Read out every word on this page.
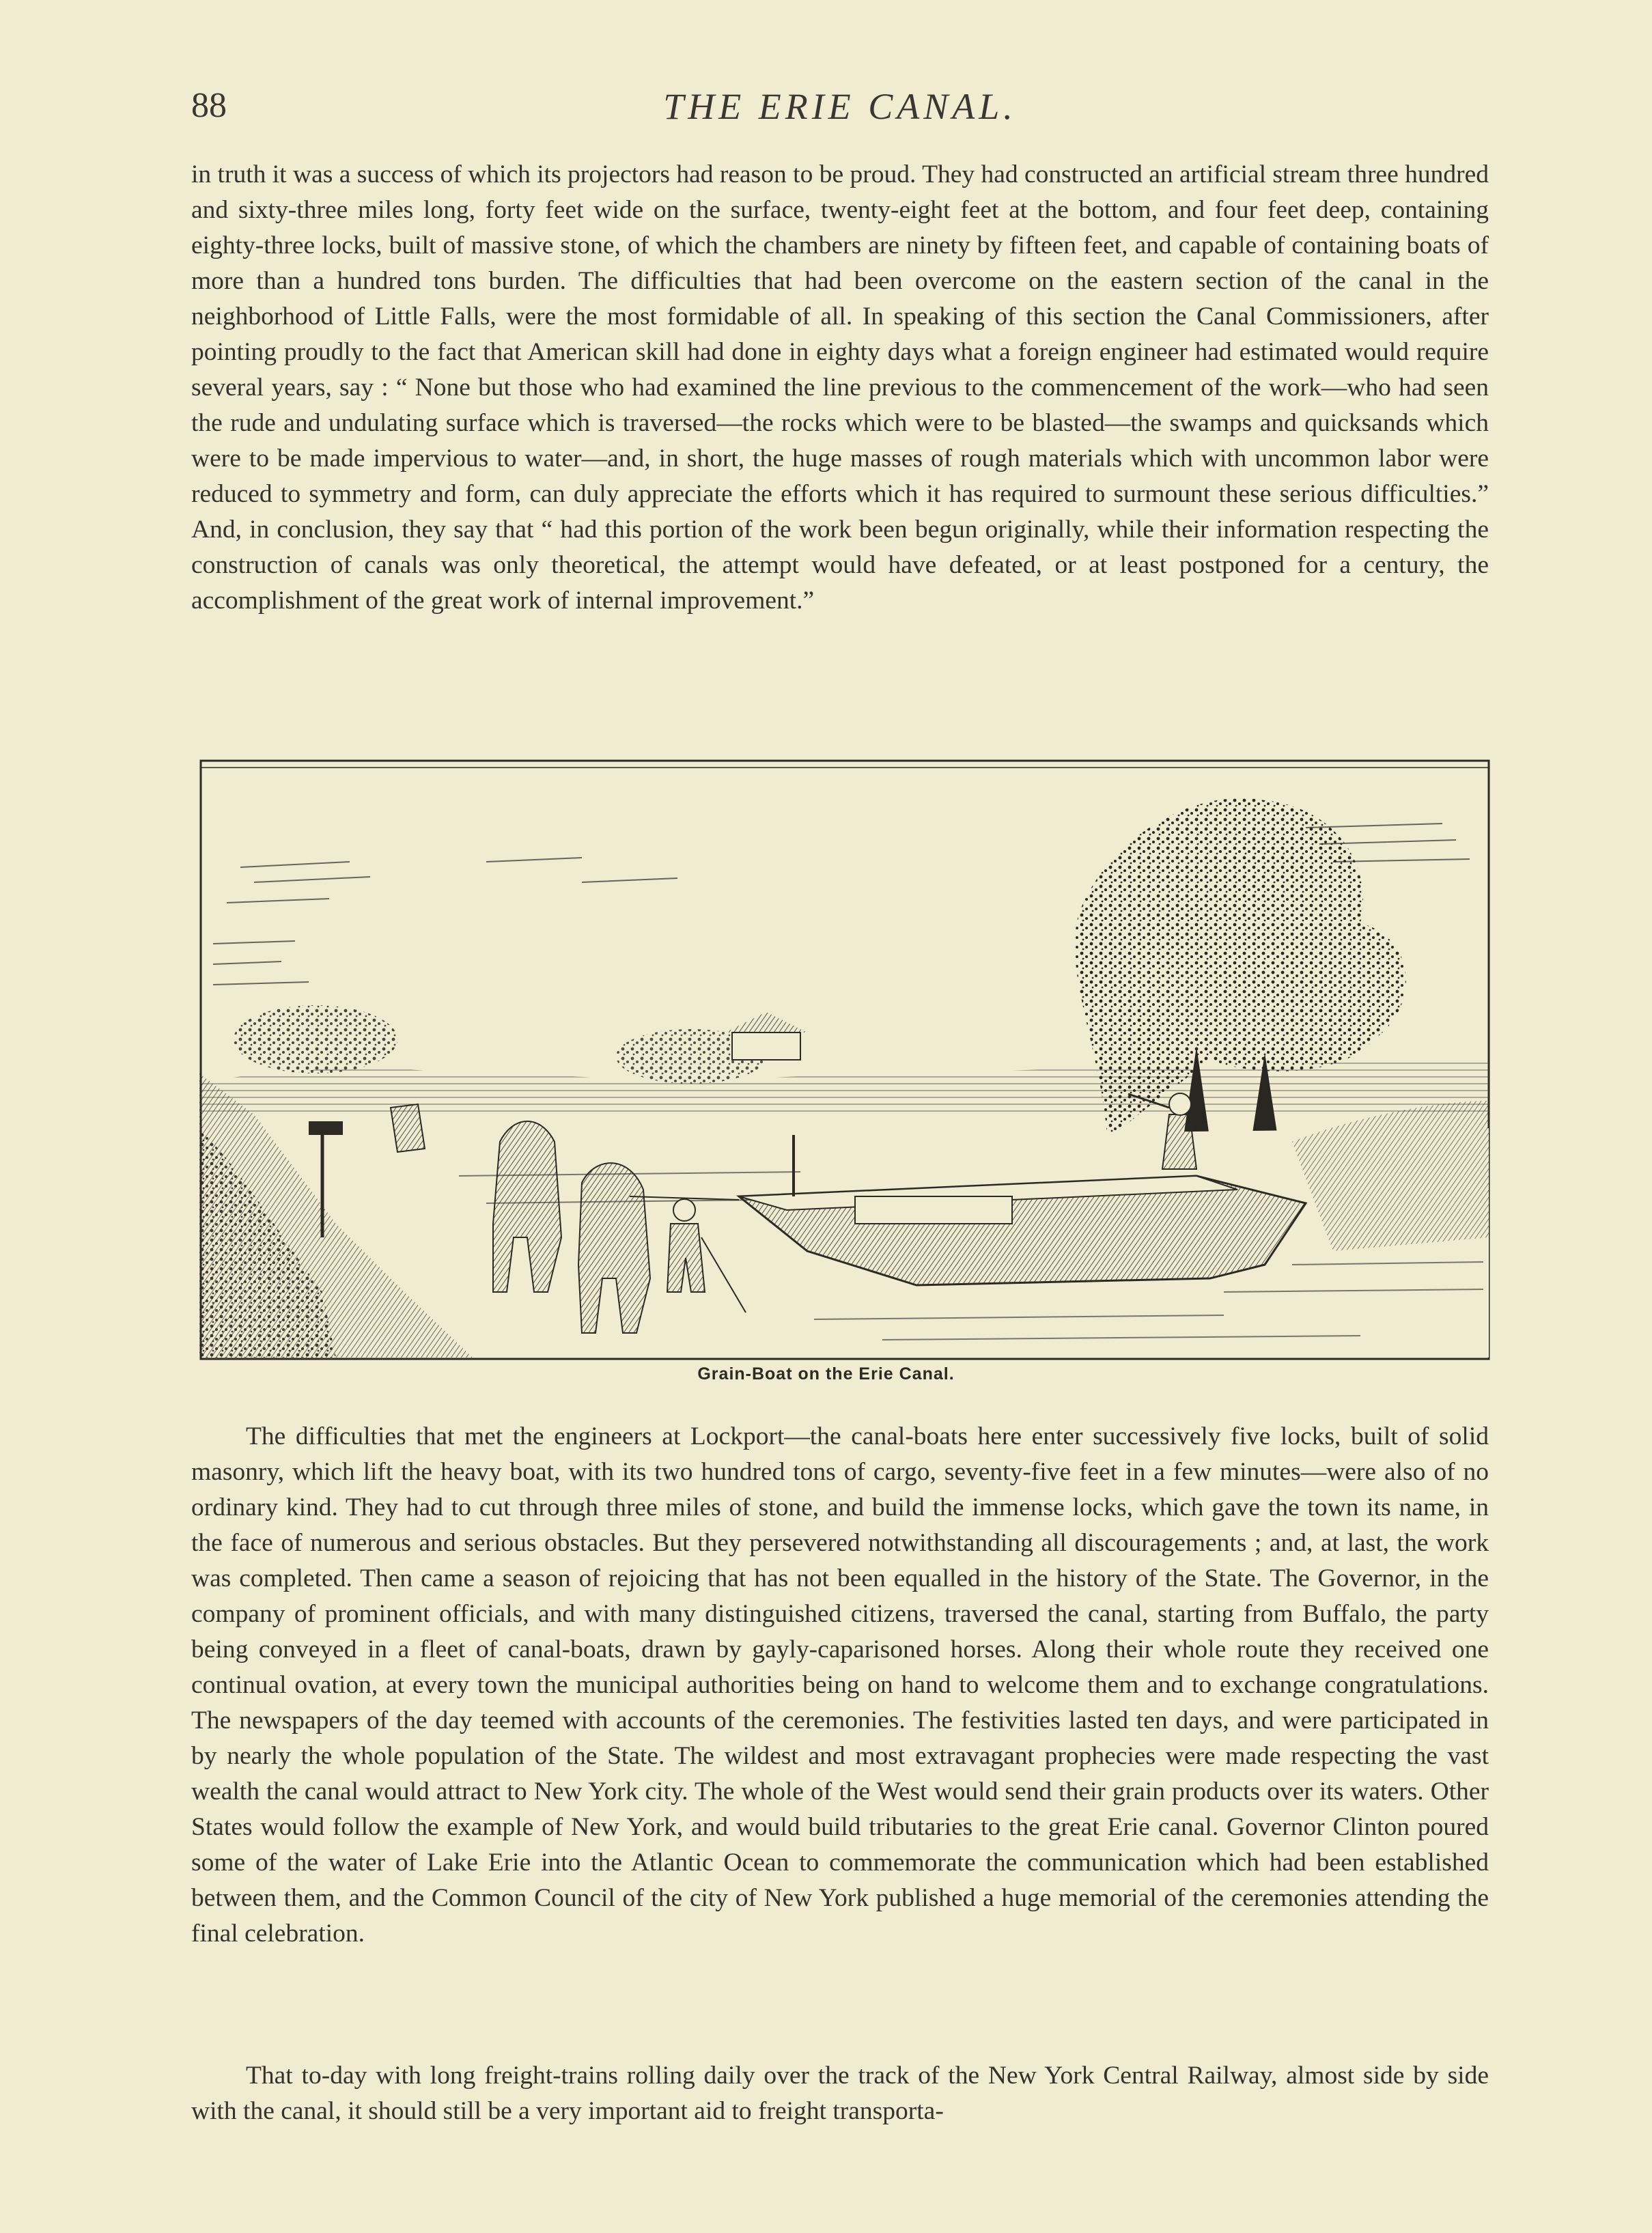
88	THE ERIE CANAL.

in truth it was a success of which its projectors had reason to be proud. They had constructed an artificial stream three hundred and sixty-three miles long, forty feet wide on the surface, twenty-eight feet at the bottom, and four feet deep, containing eighty-three locks, built of massive stone, of which the chambers are ninety by fifteen feet, and capable of containing boats of more than a hundred tons burden. The difficulties that had been overcome on the eastern section of the canal in the neighborhood of Little Falls, were the most formidable of all. In speaking of this section the Canal Commissioners, after pointing proudly to the fact that American skill had done in eighty days what a foreign engineer had estimated would require several years, say : “ None but those who had examined the line previous to the commencement of the work—who had seen the rude and undulating surface which is traversed—the rocks which were to be blasted—the swamps and quicksands which were to be made impervious to water—and, in short, the huge masses of rough materials which with uncommon labor were reduced to symmetry and form, can duly appreciate the efforts which it has required to surmount these serious difficulties.” And, in conclusion, they say that “ had this portion of the work been begun originally, while their information respecting the construction of canals was only theoretical, the attempt would have defeated, or at least postponed for a century, the accomplishment of the great work of internal improvement.”

Grain-Boat on the Erie Canal.

The difficulties that met the engineers at Lockport—the canal-boats here enter successively five locks, built of solid masonry, which lift the heavy boat, with its two hundred tons of cargo, seventy-five feet in a few minutes—were also of no ordinary kind. They had to cut through three miles of stone, and build the immense locks, which gave the town its name, in the face of numerous and serious obstacles. But they persevered notwithstanding all discouragements ; and, at last, the work was completed. Then came a season of rejoicing that has not been equalled in the history of the State. The Governor, in the company of prominent officials, and with many distinguished citizens, traversed the canal, starting from Buffalo, the party being conveyed in a fleet of canal-boats, drawn by gayly-caparisoned horses. Along their whole route they received one continual ovation, at every town the municipal authorities being on hand to welcome them and to exchange congratulations. The newspapers of the day teemed with accounts of the ceremonies. The festivities lasted ten days, and were participated in by nearly the whole population of the State. The wildest and most extravagant prophecies were made respecting the vast wealth the canal would attract to New York city. The whole of the West would send their grain products over its waters. Other States would follow the example of New York, and would build tributaries to the great Erie canal. Governor Clinton poured some of the water of Lake Erie into the Atlantic Ocean to commemorate the communication which had been established between them, and the Common Council of the city of New York published a huge memorial of the ceremonies attending the final celebration.

That to-day with long freight-trains rolling daily over the track of the New York Central Railway, almost side by side with the canal, it should still be a very important aid to freight transporta-
